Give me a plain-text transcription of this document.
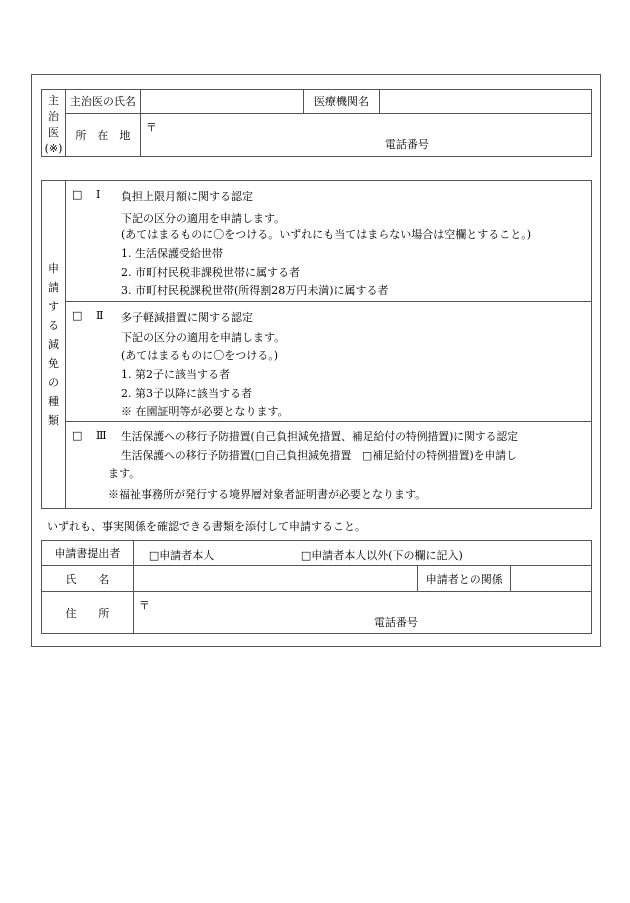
主
治
医
(※)	主治医の氏名		医療機関名	
	所　在　地	〒
電話番号		
申
請
す
る
減
免
の
種
類

□ Ⅰ 負担上限月額に関する認定
下記の区分の適用を申請します。
(あてはまるものに〇をつける。いずれにも当てはまらない場合は空欄とすること。)
1. 生活保護受給世帯
2. 市町村民税非課税世帯に属する者
3. 市町村民税課税世帯(所得割28万円未満)に属する者

□ Ⅱ 多子軽減措置に関する認定
下記の区分の適用を申請します。
(あてはまるものに〇をつける。)
1. 第2子に該当する者
2. 第3子以降に該当する者
※ 在園証明等が必要となります。

□ Ⅲ 生活保護への移行予防措置(自己負担減免措置、補足給付の特例措置)に関する認定
生活保護への移行予防措置(□自己負担減免措置　□補足給付の特例措置)を申請し
ます。
※福祉事務所が発行する境界層対象者証明書が必要となります。
いずれも、事実関係を確認できる書類を添付して申請すること。
申請書提出者	□申請者本人 □申請者本人以外(下の欄に記入)		

氏　　名		申請者との関係	
住　　所	〒
電話番号		
